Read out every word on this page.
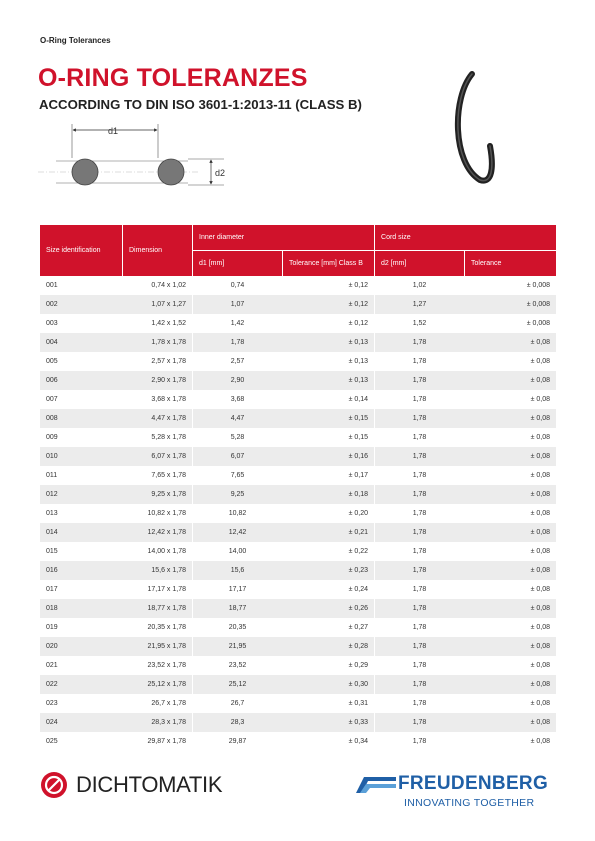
O-Ring Tolerances
O-RING TOLERANZES
ACCORDING TO DIN ISO 3601-1:2013-11 (CLASS B)
d1
d2
Size identification	Dimension	Inner diameter		Cord size	
		d1 [mm]	Tolerance [mm] Class B	d2 [mm]	Tolerance
001	0,74 x 1,02	0,74	± 0,12	1,02	± 0,008
002	1,07 x 1,27	1,07	± 0,12	1,27	± 0,008
003	1,42 x 1,52	1,42	± 0,12	1,52	± 0,008
004	1,78 x 1,78	1,78	± 0,13	1,78	± 0,08
005	2,57 x 1,78	2,57	± 0,13	1,78	± 0,08
006	2,90 x 1,78	2,90	± 0,13	1,78	± 0,08
007	3,68 x 1,78	3,68	± 0,14	1,78	± 0,08
008	4,47 x 1,78	4,47	± 0,15	1,78	± 0,08
009	5,28 x 1,78	5,28	± 0,15	1,78	± 0,08
010	6,07 x 1,78	6,07	± 0,16	1,78	± 0,08
011	7,65 x 1,78	7,65	± 0,17	1,78	± 0,08
012	9,25 x 1,78	9,25	± 0,18	1,78	± 0,08
013	10,82 x 1,78	10,82	± 0,20	1,78	± 0,08
014	12,42 x 1,78	12,42	± 0,21	1,78	± 0,08
015	14,00 x 1,78	14,00	± 0,22	1,78	± 0,08
016	15,6 x 1,78	15,6	± 0,23	1,78	± 0,08
017	17,17 x 1,78	17,17	± 0,24	1,78	± 0,08
018	18,77 x 1,78	18,77	± 0,26	1,78	± 0,08
019	20,35 x 1,78	20,35	± 0,27	1,78	± 0,08
020	21,95 x 1,78	21,95	± 0,28	1,78	± 0,08
021	23,52 x 1,78	23,52	± 0,29	1,78	± 0,08
022	25,12 x 1,78	25,12	± 0,30	1,78	± 0,08
023	26,7 x 1,78	26,7	± 0,31	1,78	± 0,08
024	28,3 x 1,78	28,3	± 0,33	1,78	± 0,08
025	29,87 x 1,78	29,87	± 0,34	1,78	± 0,08
DICHTOMATIK	FREUDENBERG
INNOVATING TOGETHER
